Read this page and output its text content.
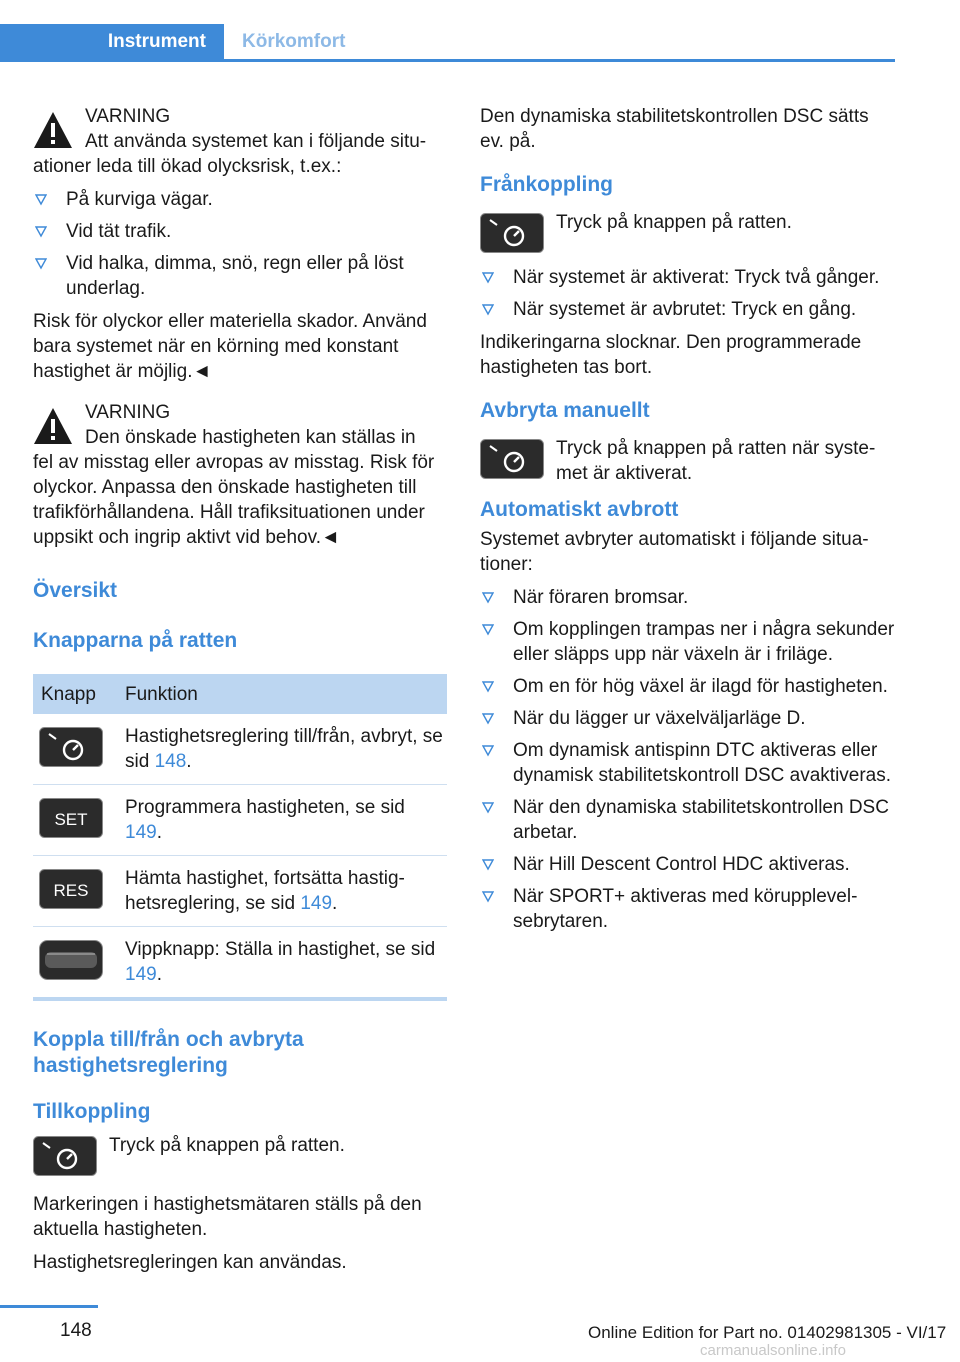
Instrument	Körkomfort
VARNING
Att använda systemet kan i följande situ-
ationer leda till ökad olycksrisk, t.ex.:
På kurviga vägar.
Vid tät trafik.
Vid halka, dimma, snö, regn eller på löst underlag.

Risk för olyckor eller materiella skador. Använd bara systemet när en körning med konstant hastighet är möjlig.◄

VARNING
Den önskade hastigheten kan ställas in
fel av misstag eller avropas av misstag. Risk för olyckor. Anpassa den önskade hastigheten till trafikförhållandena. Håll trafiksituationen under uppsikt och ingrip aktivt vid behov.◄
Översikt
Knapparna på ratten
Knapp	Funktion

	Hastighetsreglering till/från, avbryt, se sid 148.

SET	Programmera hastigheten, se sid 149.

RES	Hämta hastighet, fortsätta hastighetsreglering, se sid 149.

	Vippknapp: Ställa in hastighet, se sid 149.
Koppla till/från och avbryta hastighetsreglering
Tillkoppling
Tryck på knappen på ratten.

Markeringen i hastighetsmätaren ställs på den aktuella hastigheten.

Hastighetsregleringen kan användas.

Den dynamiska stabilitetskontrollen DSC sätts ev. på.

Frånkoppling
Tryck på knappen på ratten.
När systemet är aktiverat: Tryck två gånger.
När systemet är avbrutet: Tryck en gång.

Indikeringarna slocknar. Den programmerade hastigheten tas bort.

Avbryta manuellt
Tryck på knappen på ratten när systemet är aktiverat.
Automatiskt avbrott

Systemet avbryter automatiskt i följande situationer:

När föraren bromsar.
Om kopplingen trampas ner i några sekunder eller släpps upp när växeln är i friläge.
Om en för hög växel är ilagd för hastigheten.
När du lägger ur växelväljarläge D.
Om dynamisk antispinn DTC aktiveras eller dynamisk stabilitetskontroll DSC avaktiveras.
När den dynamiska stabilitetskontrollen DSC arbetar.
När Hill Descent Control HDC aktiveras.
När SPORT+ aktiveras med körupplevelsebrytaren.
148	Online Edition for Part no. 01402981305 - VI/17
carmanualsonline.info
